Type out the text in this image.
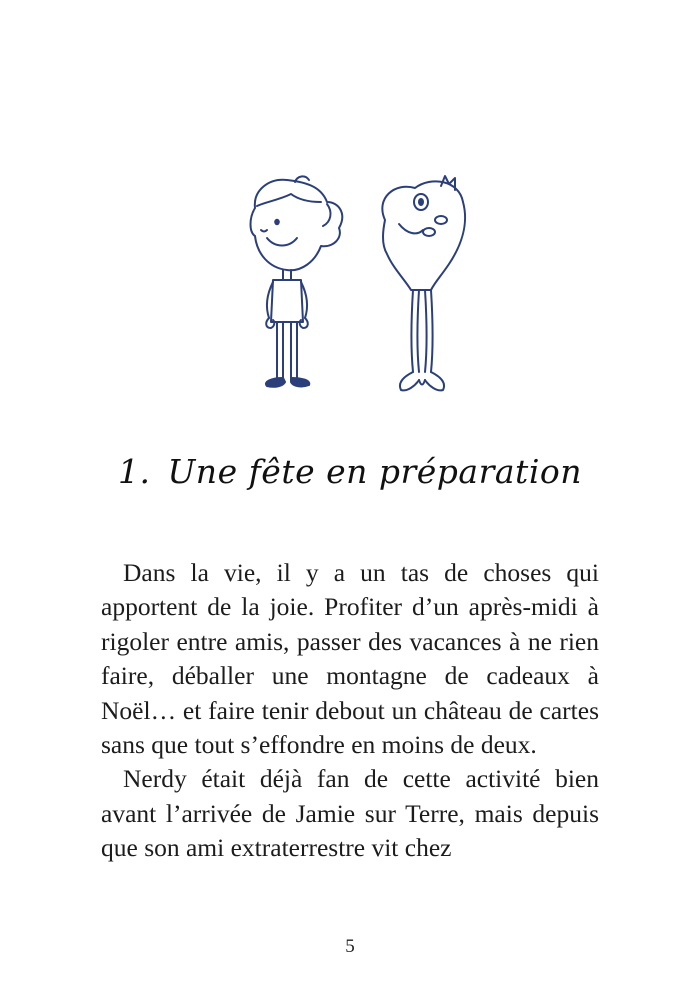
1. Une fête en préparation

Dans la vie, il y a un tas de choses qui apportent de la joie. Profiter d’un après-midi à rigoler entre amis, passer des vacances à ne rien faire, déballer une montagne de cadeaux à Noël… et faire tenir debout un château de cartes sans que tout s’effondre en moins de deux.

Nerdy était déjà fan de cette activité bien avant l’arrivée de Jamie sur Terre, mais depuis que son ami extraterrestre vit chez

5
